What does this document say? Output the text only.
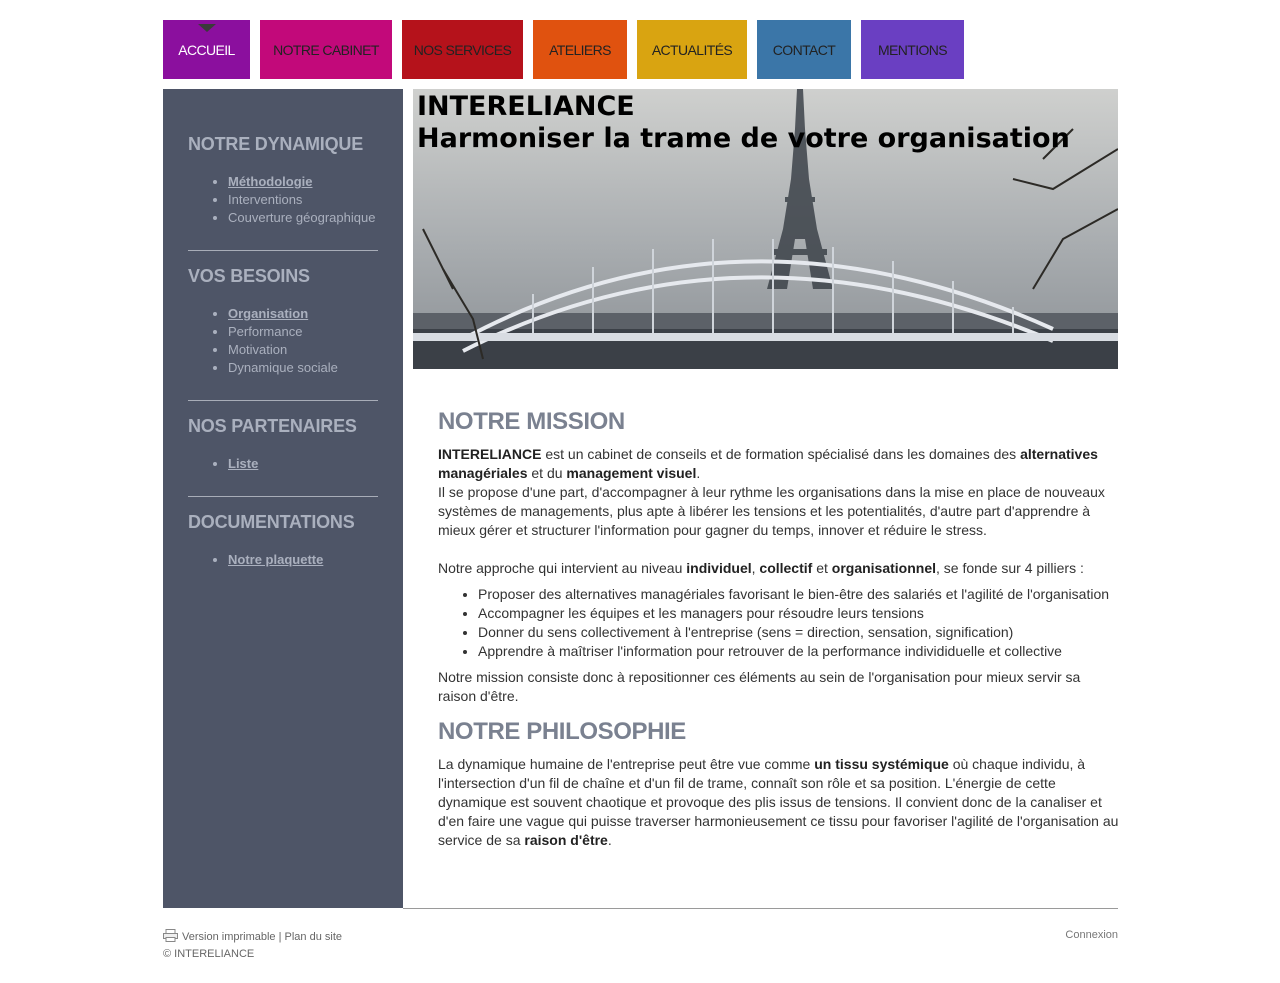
ACCUEIL	NOTRE CABINET NOS SERVICES	ATELIERS	ACTUALITÉS	CONTACT	MENTIONS
NOTRE DYNAMIQUE
• Méthodologie
• Interventions
• Couverture géographique
VOS BESOINS
• Organisation
• Performance
• Motivation
• Dynamique sociale
NOS PARTENAIRES
• Liste
DOCUMENTATIONS
• Notre plaquette
INTERELIANCE
Harmoniser la trame de votre organisation
NOTRE MISSION

INTERELIANCE est un cabinet de conseils et de formation spécialisé dans les domaines des alternatives managériales et du management visuel.

Il se propose d'une part, d'accompagner à leur rythme les organisations dans la mise en place de nouveaux systèmes de managements, plus apte à libérer les tensions et les potentialités, d'autre part d'apprendre à mieux gérer et structurer l'information pour gagner du temps, innover et réduire le stress.

Notre approche qui intervient au niveau individuel, collectif et organisationnel, se fonde sur 4 pilliers :

• Proposer des alternatives managériales favorisant le bien-être des salariés et l'agilité de l'organisation
• Accompagner les équipes et les managers pour résoudre leurs tensions
• Donner du sens collectivement à l'entreprise (sens = direction, sensation, signification)
• Apprendre à maîtriser l'information pour retrouver de la performance individiduelle et collective

Notre mission consiste donc à repositionner ces éléments au sein de l'organisation pour mieux servir sa raison d'être.

NOTRE PHILOSOPHIE

La dynamique humaine de l'entreprise peut être vue comme un tissu systémique où chaque individu, à l'intersection d'un fil de chaîne et d'un fil de trame, connaît son rôle et sa position. L'énergie de cette dynamique est souvent chaotique et provoque des plis issus de tensions. Il convient donc de la canaliser et d'en faire une vague qui puisse traverser harmonieusement ce tissu pour favoriser l'agilité de l'organisation au service de sa raison d'être.

Version imprimable | Plan du site
© INTERELIANCE
Connexion
